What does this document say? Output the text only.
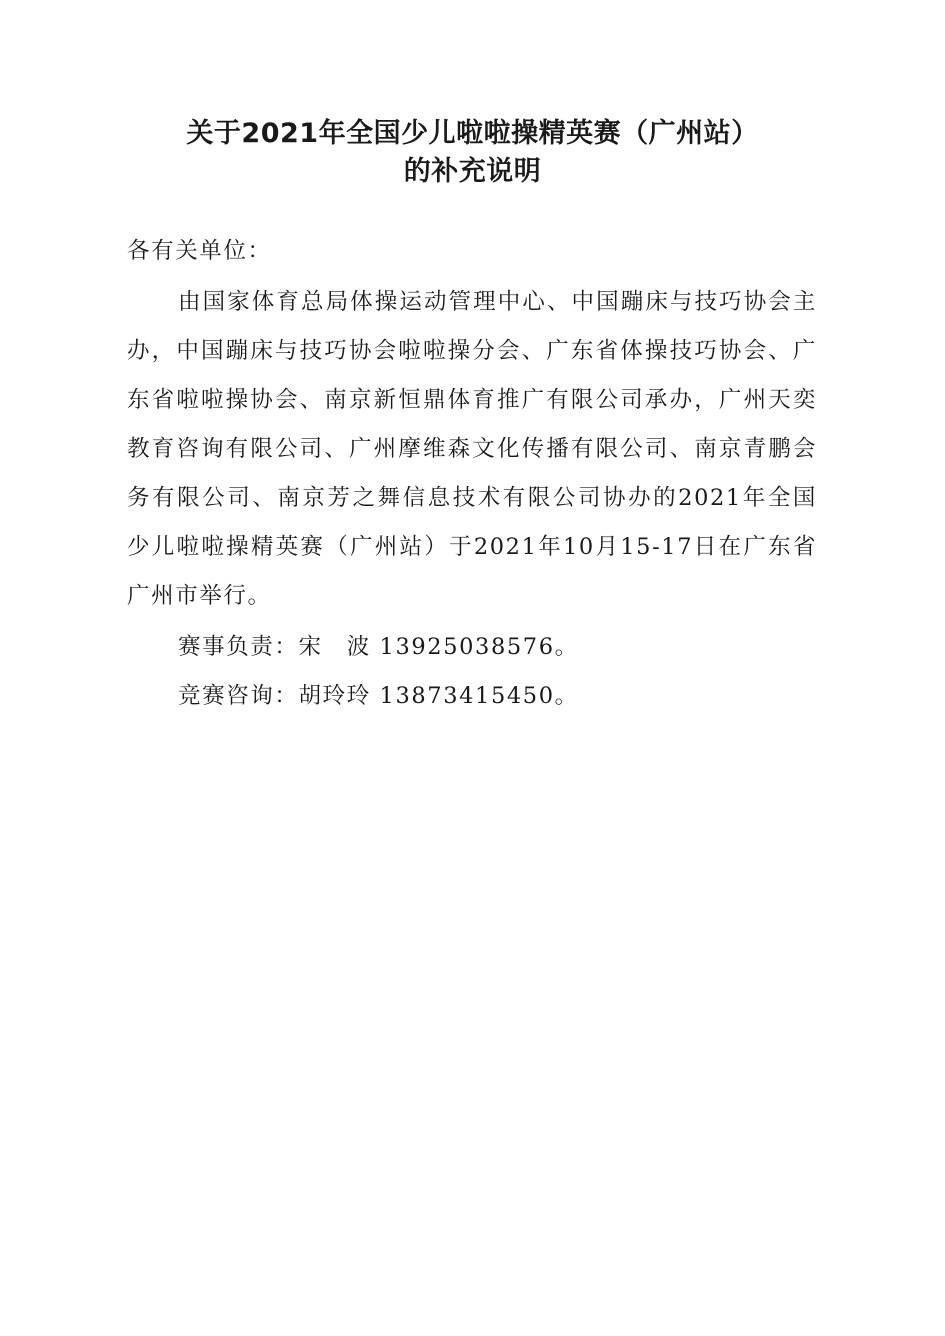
关于2021年全国少儿啦啦操精英赛（广州站）
的补充说明
各有关单位：
由国家体育总局体操运动管理中心、中国蹦床与技巧协会主办，中国蹦床与技巧协会啦啦操分会、广东省体操技巧协会、广东省啦啦操协会、南京新恒鼎体育推广有限公司承办，广州天奕教育咨询有限公司、广州摩维森文化传播有限公司、南京青鹏会务有限公司、南京芳之舞信息技术有限公司协办的2021年全国少儿啦啦操精英赛（广州站）于2021年10月15-17日在广东省广州市举行。
赛事负责：宋　波 13925038576。
竞赛咨询：胡玲玲 13873415450。
